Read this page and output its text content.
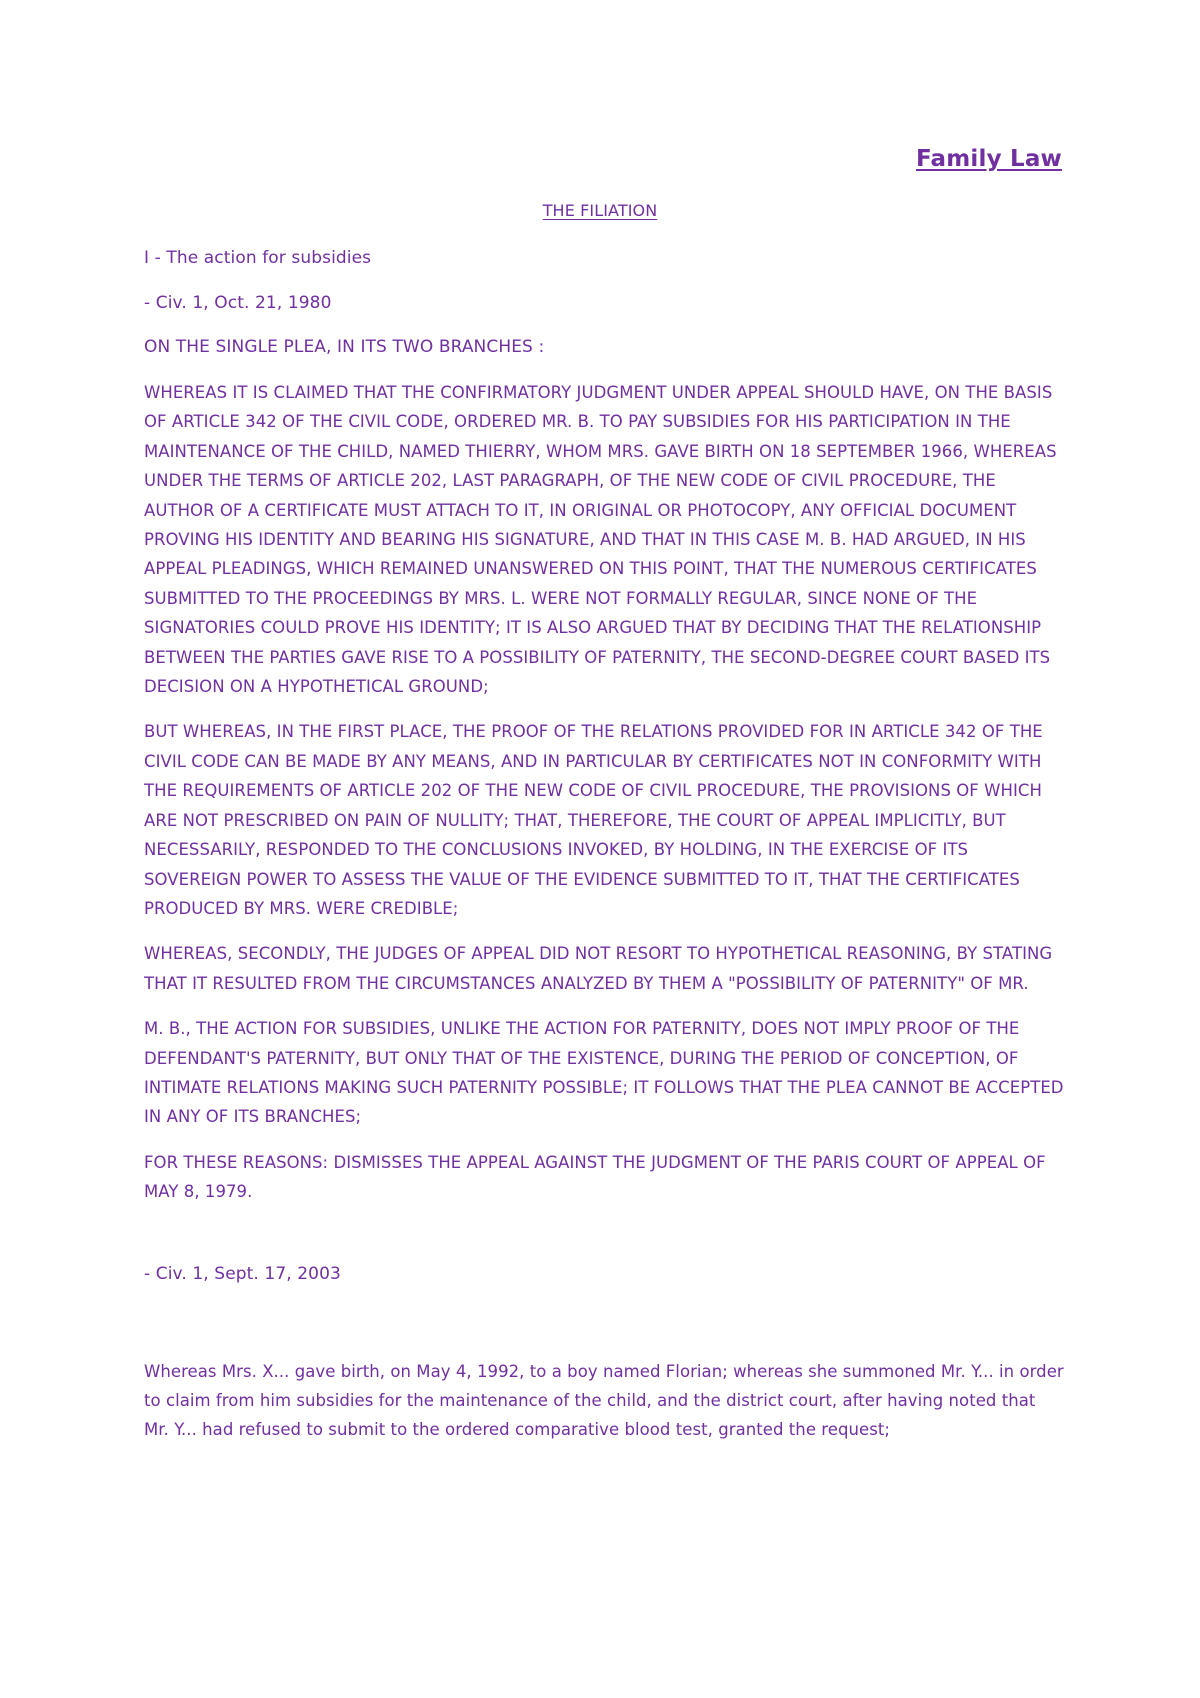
Family Law
THE FILIATION

I - The action for subsidies

- Civ. 1, Oct. 21, 1980

ON THE SINGLE PLEA, IN ITS TWO BRANCHES :

WHEREAS IT IS CLAIMED THAT THE CONFIRMATORY JUDGMENT UNDER APPEAL SHOULD HAVE, ON THE BASIS OF ARTICLE 342 OF THE CIVIL CODE, ORDERED MR. B. TO PAY SUBSIDIES FOR HIS PARTICIPATION IN THE MAINTENANCE OF THE CHILD, NAMED THIERRY, WHOM MRS. GAVE BIRTH ON 18 SEPTEMBER 1966, WHEREAS UNDER THE TERMS OF ARTICLE 202, LAST PARAGRAPH, OF THE NEW CODE OF CIVIL PROCEDURE, THE AUTHOR OF A CERTIFICATE MUST ATTACH TO IT, IN ORIGINAL OR PHOTOCOPY, ANY OFFICIAL DOCUMENT PROVING HIS IDENTITY AND BEARING HIS SIGNATURE, AND THAT IN THIS CASE M. B. HAD ARGUED, IN HIS APPEAL PLEADINGS, WHICH REMAINED UNANSWERED ON THIS POINT, THAT THE NUMEROUS CERTIFICATES SUBMITTED TO THE PROCEEDINGS BY MRS. L. WERE NOT FORMALLY REGULAR, SINCE NONE OF THE SIGNATORIES COULD PROVE HIS IDENTITY; IT IS ALSO ARGUED THAT BY DECIDING THAT THE RELATIONSHIP BETWEEN THE PARTIES GAVE RISE TO A POSSIBILITY OF PATERNITY, THE SECOND-DEGREE COURT BASED ITS DECISION ON A HYPOTHETICAL GROUND;

BUT WHEREAS, IN THE FIRST PLACE, THE PROOF OF THE RELATIONS PROVIDED FOR IN ARTICLE 342 OF THE CIVIL CODE CAN BE MADE BY ANY MEANS, AND IN PARTICULAR BY CERTIFICATES NOT IN CONFORMITY WITH THE REQUIREMENTS OF ARTICLE 202 OF THE NEW CODE OF CIVIL PROCEDURE, THE PROVISIONS OF WHICH ARE NOT PRESCRIBED ON PAIN OF NULLITY; THAT, THEREFORE, THE COURT OF APPEAL IMPLICITLY, BUT NECESSARILY, RESPONDED TO THE CONCLUSIONS INVOKED, BY HOLDING, IN THE EXERCISE OF ITS SOVEREIGN POWER TO ASSESS THE VALUE OF THE EVIDENCE SUBMITTED TO IT, THAT THE CERTIFICATES PRODUCED BY MRS. WERE CREDIBLE;

WHEREAS, SECONDLY, THE JUDGES OF APPEAL DID NOT RESORT TO HYPOTHETICAL REASONING, BY STATING THAT IT RESULTED FROM THE CIRCUMSTANCES ANALYZED BY THEM A "POSSIBILITY OF PATERNITY" OF MR.

M. B., THE ACTION FOR SUBSIDIES, UNLIKE THE ACTION FOR PATERNITY, DOES NOT IMPLY PROOF OF THE DEFENDANT'S PATERNITY, BUT ONLY THAT OF THE EXISTENCE, DURING THE PERIOD OF CONCEPTION, OF INTIMATE RELATIONS MAKING SUCH PATERNITY POSSIBLE; IT FOLLOWS THAT THE PLEA CANNOT BE ACCEPTED IN ANY OF ITS BRANCHES;

FOR THESE REASONS: DISMISSES THE APPEAL AGAINST THE JUDGMENT OF THE PARIS COURT OF APPEAL OF MAY 8, 1979.

- Civ. 1, Sept. 17, 2003

Whereas Mrs. X... gave birth, on May 4, 1992, to a boy named Florian; whereas she summoned Mr. Y... in order to claim from him subsidies for the maintenance of the child, and the district court, after having noted that Mr. Y... had refused to submit to the ordered comparative blood test, granted the request;
